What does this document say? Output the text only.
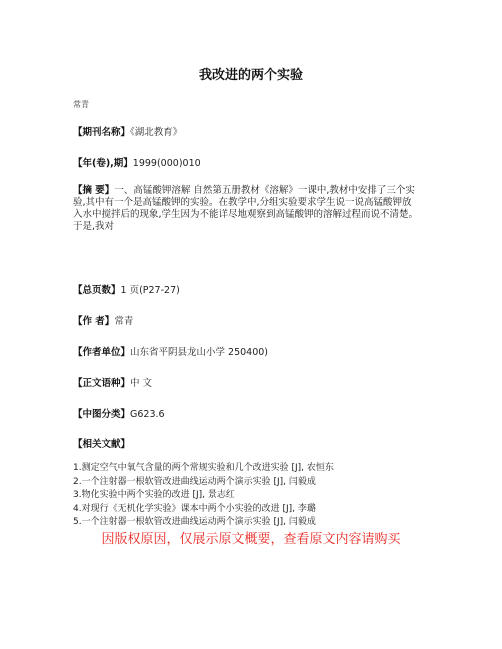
我改进的两个实验
常青
【期刊名称】《湖北教育》
【年(卷),期】1999(000)010
【摘 要】一、高锰酸钾溶解 自然第五册教材《溶解》一课中,教材中安排了三个实
验,其中有一个是高锰酸钾的实验。在教学中,分组实验要求学生说一说高锰酸钾放
入水中搅拌后的现象,学生因为不能详尽地观察到高锰酸钾的溶解过程而说不清楚。
于是,我对
【总页数】1 页(P27-27)
【作 者】常青
【作者单位】山东省平阴县龙山小学 250400)
【正文语种】中 文
【中图分类】G623.6
【相关文献】
1.测定空气中氧气含量的两个常规实验和几个改进实验 [J], 农恒东
2.一个注射器一根软管改进曲线运动两个演示实验 [J], 闫毅成
3.物化实验中两个实验的改进 [J], 景志红
4.对现行《无机化学实验》课本中两个小实验的改进 [J], 李璐
5.一个注射器一根软管改进曲线运动两个演示实验 [J], 闫毅成
因版权原因，仅展示原文概要，查看原文内容请购买
